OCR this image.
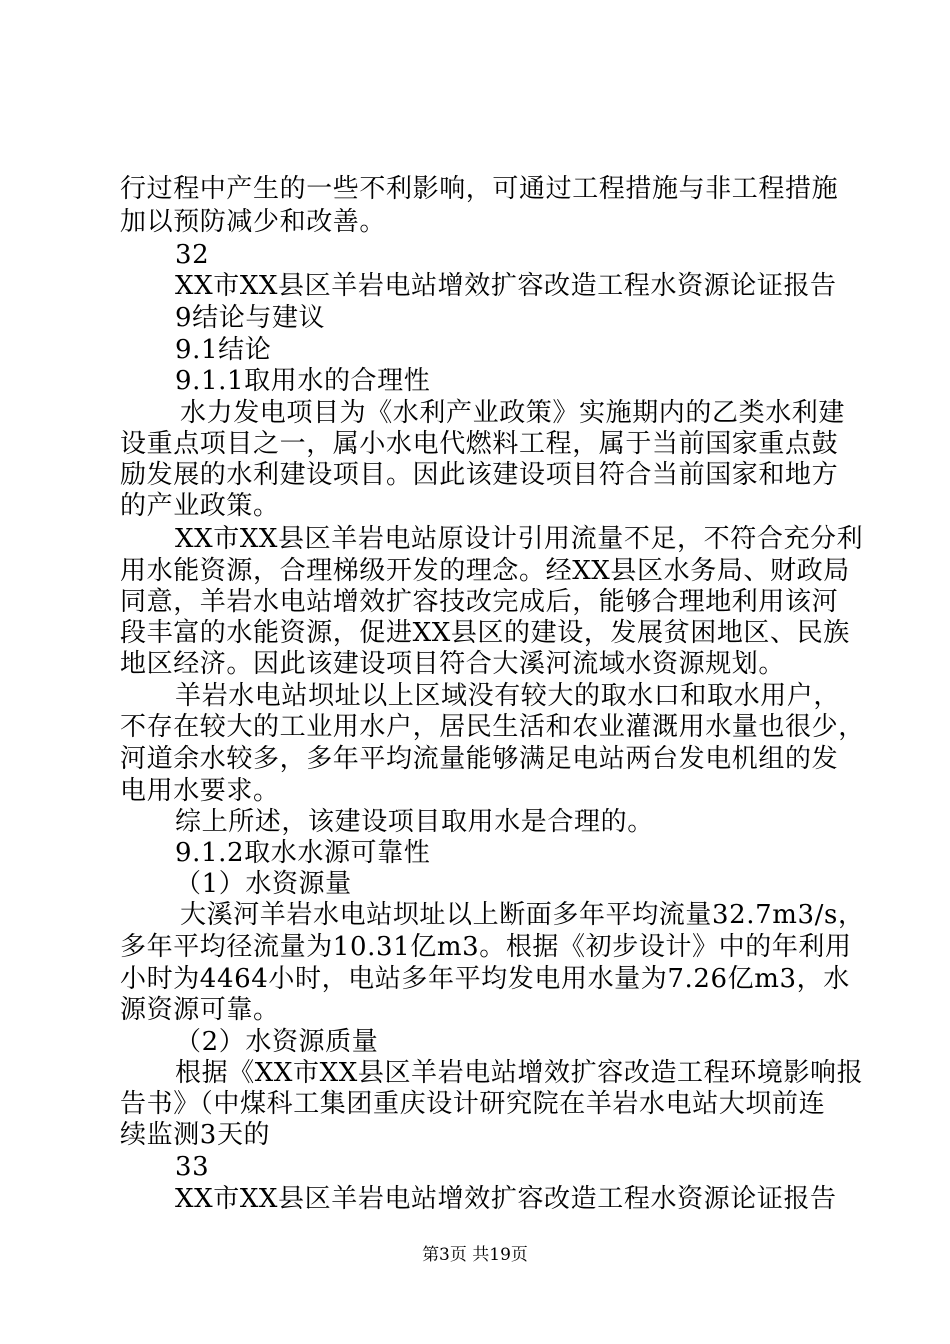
行过程中产生的一些不利影响，可通过工程措施与非工程措施
加以预防减少和改善。
32
XX市XX县区羊岩电站增效扩容改造工程水资源论证报告
9结论与建议
9.1结论
9.1.1取用水的合理性
水力发电项目为《水利产业政策》实施期内的乙类水利建
设重点项目之一，属小水电代燃料工程，属于当前国家重点鼓
励发展的水利建设项目。因此该建设项目符合当前国家和地方
的产业政策。
XX市XX县区羊岩电站原设计引用流量不足，不符合充分利
用水能资源，合理梯级开发的理念。经XX县区水务局、财政局
同意，羊岩水电站增效扩容技改完成后，能够合理地利用该河
段丰富的水能资源，促进XX县区的建设，发展贫困地区、民族
地区经济。因此该建设项目符合大溪河流域水资源规划。
羊岩水电站坝址以上区域没有较大的取水口和取水用户，
不存在较大的工业用水户，居民生活和农业灌溉用水量也很少，
河道余水较多，多年平均流量能够满足电站两台发电机组的发
电用水要求。
综上所述，该建设项目取用水是合理的。
9.1.2取水水源可靠性
（1）水资源量
大溪河羊岩水电站坝址以上断面多年平均流量32.7m3/s，
多年平均径流量为10.31亿m3。根据《初步设计》中的年利用
小时为4464小时，电站多年平均发电用水量为7.26亿m3，水
源资源可靠。
（2）水资源质量
根据《XX市XX县区羊岩电站增效扩容改造工程环境影响报
告书》（中煤科工集团重庆设计研究院在羊岩水电站大坝前连
续监测3天的
33
XX市XX县区羊岩电站增效扩容改造工程水资源论证报告
第3页 共19页
